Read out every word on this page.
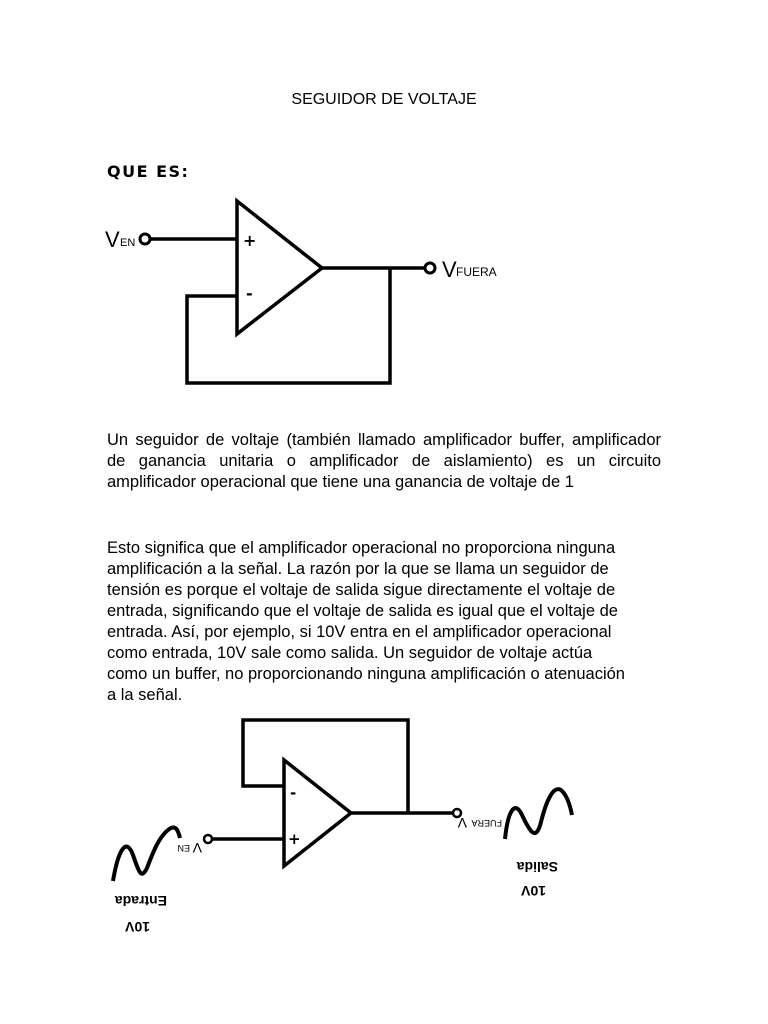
SEGUIDOR DE VOLTAJE
QUE ES:
+
-
V EN
V FUERA
Un seguidor de voltaje (también llamado amplificador buffer, amplificador de ganancia unitaria o amplificador de aislamiento) es un circuito amplificador operacional que tiene una ganancia de voltaje de 1
Esto significa que el amplificador operacional no proporciona ninguna
amplificación a la señal. La razón por la que se llama un seguidor de
tensión es porque el voltaje de salida sigue directamente el voltaje de
entrada, significando que el voltaje de salida es igual que el voltaje de
entrada. Así, por ejemplo, si 10V entra en el amplificador operacional
como entrada, 10V sale como salida. Un seguidor de voltaje actúa
como un buffer, no proporcionando ninguna amplificación o atenuación
a la señal.
-
+
V
EN
V FUERA
Entrada
10V
Salida
10V
